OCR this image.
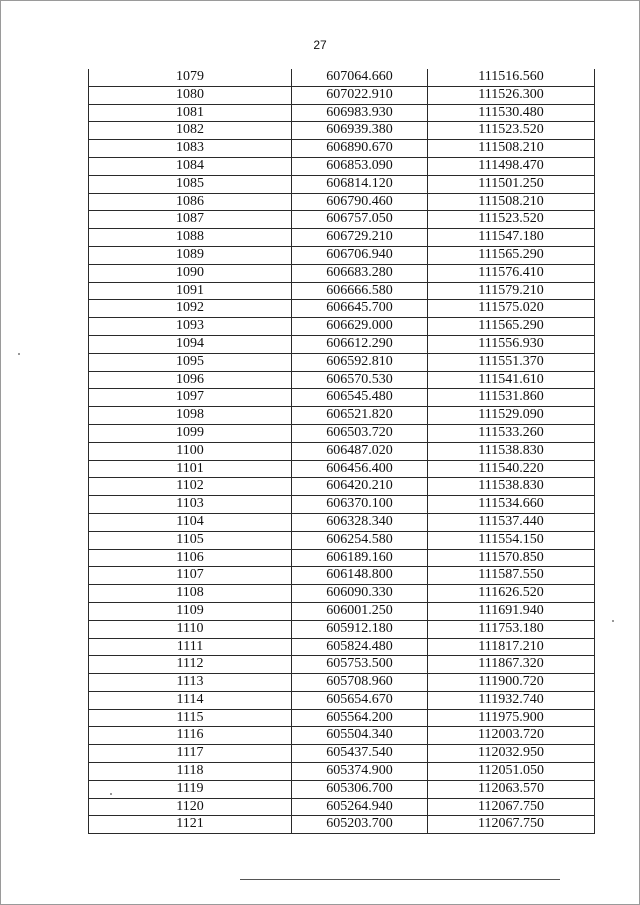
27
1079	607064.660	111516.560
1080	607022.910	111526.300
1081	606983.930	111530.480
1082	606939.380	111523.520
1083	606890.670	111508.210
1084	606853.090	111498.470
1085	606814.120	111501.250
1086	606790.460	111508.210
1087	606757.050	111523.520
1088	606729.210	111547.180
1089	606706.940	111565.290
1090	606683.280	111576.410
1091	606666.580	111579.210
1092	606645.700	111575.020
1093	606629.000	111565.290
1094	606612.290	111556.930
1095	606592.810	111551.370
1096	606570.530	111541.610
1097	606545.480	111531.860
1098	606521.820	111529.090
1099	606503.720	111533.260
1100	606487.020	111538.830
1101	606456.400	111540.220
1102	606420.210	111538.830
1103	606370.100	111534.660
1104	606328.340	111537.440
1105	606254.580	111554.150
1106	606189.160	111570.850
1107	606148.800	111587.550
1108	606090.330	111626.520
1109	606001.250	111691.940
1110	605912.180	111753.180
1111	605824.480	111817.210
1112	605753.500	111867.320
1113	605708.960	111900.720
1114	605654.670	111932.740
1115	605564.200	111975.900
1116	605504.340	112003.720
1117	605437.540	112032.950
1118	605374.900	112051.050
1119	605306.700	112063.570
1120	605264.940	112067.750
1121	605203.700	112067.750
